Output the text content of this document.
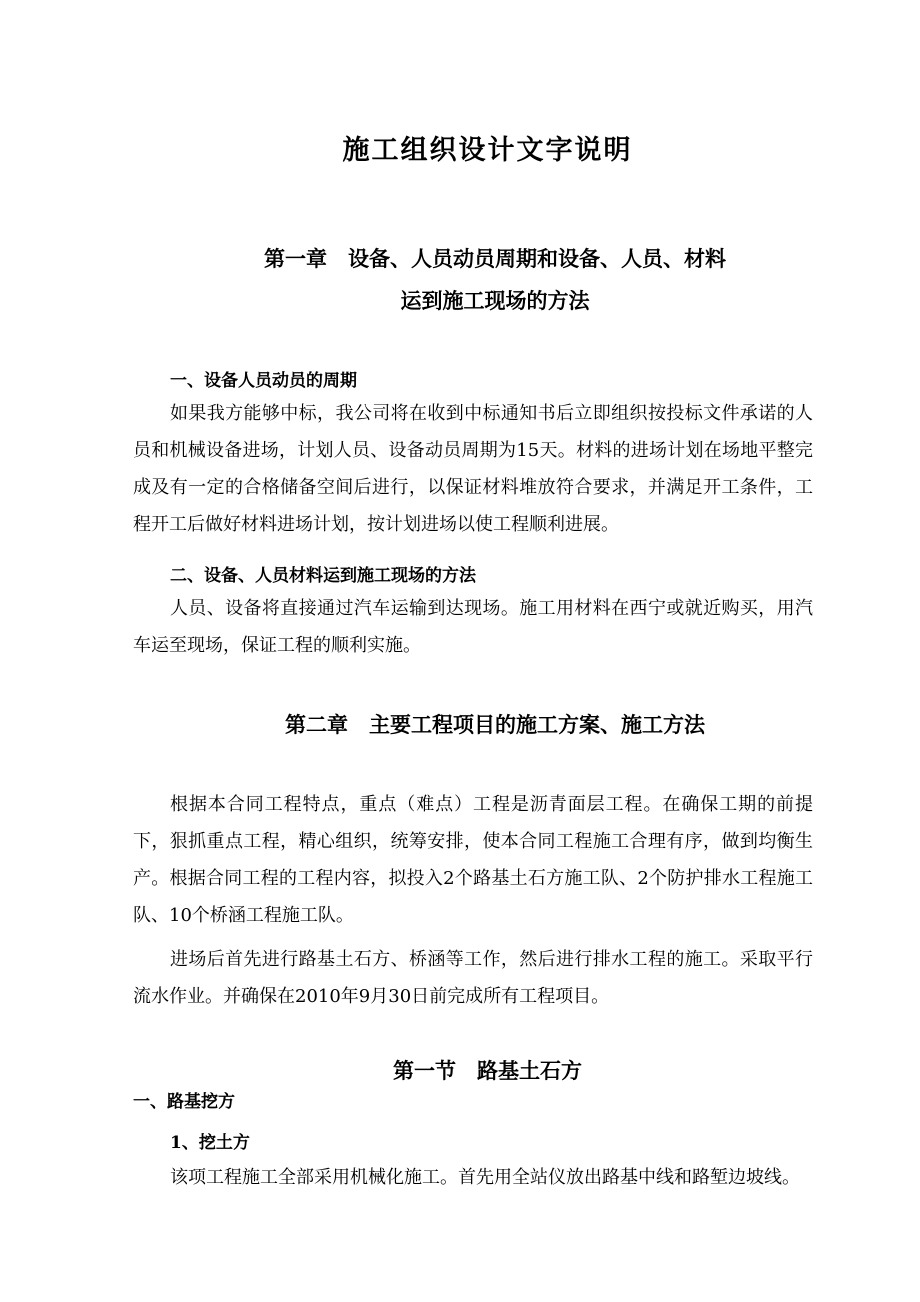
施工组织设计文字说明
第一章　设备、人员动员周期和设备、人员、材料
运到施工现场的方法
一、设备人员动员的周期

如果我方能够中标，我公司将在收到中标通知书后立即组织按投标文件承诺的人员和机械设备进场，计划人员、设备动员周期为15天。材料的进场计划在场地平整完成及有一定的合格储备空间后进行，以保证材料堆放符合要求，并满足开工条件，工程开工后做好材料进场计划，按计划进场以使工程顺利进展。

二、设备、人员材料运到施工现场的方法

人员、设备将直接通过汽车运输到达现场。施工用材料在西宁或就近购买，用汽车运至现场，保证工程的顺利实施。

第二章　主要工程项目的施工方案、施工方法

根据本合同工程特点，重点（难点）工程是沥青面层工程。在确保工期的前提下，狠抓重点工程，精心组织，统筹安排，使本合同工程施工合理有序，做到均衡生产。根据合同工程的工程内容，拟投入2个路基土石方施工队、2个防护排水工程施工队、10个桥涵工程施工队。

进场后首先进行路基土石方、桥涵等工作，然后进行排水工程的施工。采取平行流水作业。并确保在2010年9月30日前完成所有工程项目。

第一节　路基土石方
一、路基挖方
1、挖土方
该项工程施工全部采用机械化施工。首先用全站仪放出路基中线和路堑边坡线。
